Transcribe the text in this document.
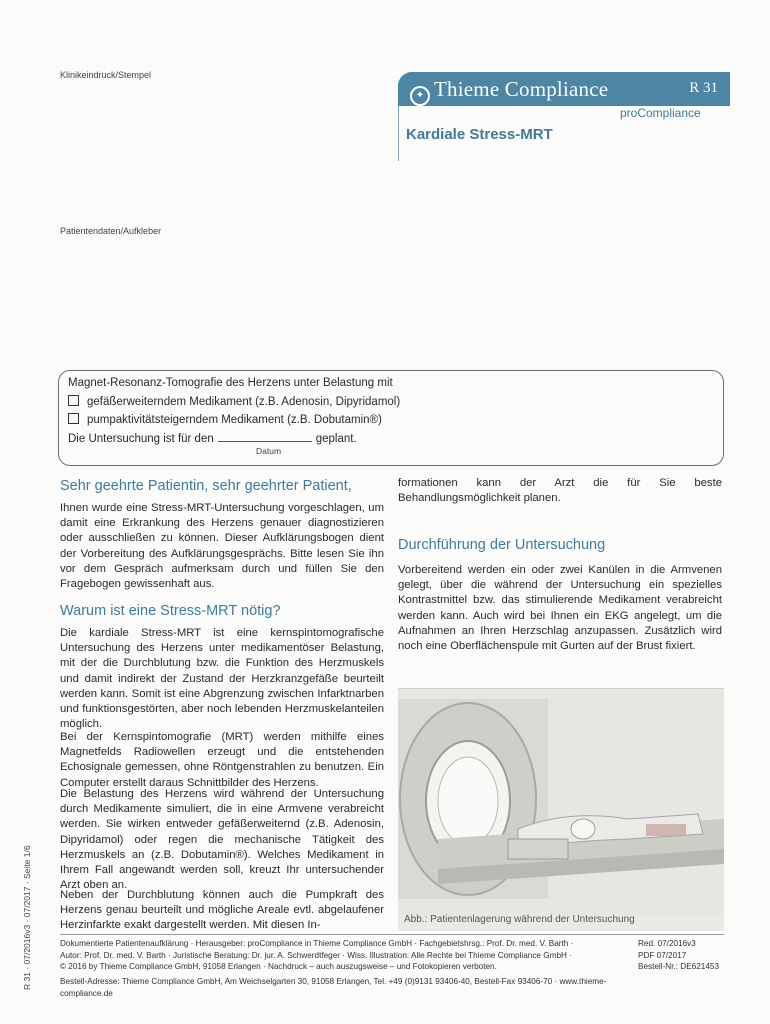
Klinikeindruck/Stempel
Patientendaten/Aufkleber
✦ Thieme Compliance	R 31
proCompliance
Kardiale Stress-MRT
Magnet-Resonanz-Tomografie des Herzens unter Belastung mit
gefäßerweiterndem Medikament (z.B. Adenosin, Dipyridamol)
pumpaktivitätsteigerndem Medikament (z.B. Dobutamin®)
Die Untersuchung ist für den	geplant.
Datum
Sehr geehrte Patientin, sehr geehrter Patient,
Ihnen wurde eine Stress-MRT-Untersuchung vorgeschlagen, um damit eine Erkrankung des Herzens genauer diagnostizieren oder ausschließen zu können. Dieser Aufklärungsbogen dient der Vorbereitung des Aufklärungsgesprächs. Bitte lesen Sie ihn vor dem Gespräch aufmerksam durch und füllen Sie den Fragebogen gewissenhaft aus.
Warum ist eine Stress-MRT nötig?
Die kardiale Stress-MRT ist eine kernspintomografische Untersuchung des Herzens unter medikamentöser Belastung, mit der die Durchblutung bzw. die Funktion des Herzmuskels und damit indirekt der Zustand der Herzkranzgefäße beurteilt werden kann. Somit ist eine Abgrenzung zwischen Infarktnarben und funktionsgestörten, aber noch lebenden Herzmuskelanteilen möglich.
Bei der Kernspintomografie (MRT) werden mithilfe eines Magnetfelds Radiowellen erzeugt und die entstehenden Echosignale gemessen, ohne Röntgenstrahlen zu benutzen. Ein Computer erstellt daraus Schnittbilder des Herzens.
Die Belastung des Herzens wird während der Untersuchung durch Medikamente simuliert, die in eine Armvene verabreicht werden. Sie wirken entweder gefäßerweiternd (z.B. Adenosin, Dipyridamol) oder regen die mechanische Tätigkeit des Herzmuskels an (z.B. Dobutamin®). Welches Medikament in Ihrem Fall angewandt werden soll, kreuzt Ihr untersuchender Arzt oben an.
Neben der Durchblutung können auch die Pumpkraft des Herzens genau beurteilt und mögliche Areale evtl. abgelaufener Herzinfarkte exakt dargestellt werden. Mit diesen In-
formationen kann der Arzt die für Sie beste Behandlungsmöglichkeit planen.
Durchführung der Untersuchung
Vorbereitend werden ein oder zwei Kanülen in die Armvenen gelegt, über die während der Untersuchung ein spezielles Kontrastmittel bzw. das stimulierende Medikament verabreicht werden kann. Auch wird bei Ihnen ein EKG angelegt, um die Aufnahmen an Ihren Herzschlag anzupassen. Zusätzlich wird noch eine Oberflächenspule mit Gurten auf der Brust fixiert.
Abb.: Patientenlagerung während der Untersuchung
Dokumentierte Patientenaufklärung · Herausgeber: proCompliance in Thieme Compliance GmbH · Fachgebietshrsg.: Prof. Dr. med. V. Barth ·
Autor: Prof. Dr. med. V. Barth · Juristische Beratung: Dr. jur. A. Schwerdtfeger · Wiss. Illustration: Alle Rechte bei Thieme Compliance GmbH ·
© 2016 by Thieme Compliance GmbH, 91058 Erlangen · Nachdruck – auch auszugsweise – und Fotokopieren verboten.
Bestell-Adresse: Thieme Compliance GmbH, Am Weichselgarten 30, 91058 Erlangen, Tel. +49 (0)9131 93406-40, Bestell-Fax 93406-70 · www.thieme-compliance.de
Red. 07/2016v3
PDF 07/2017
Bestell-Nr.: DE621453
R 31 · 07/2016v3 · 07/2017 · Seite 1/6
